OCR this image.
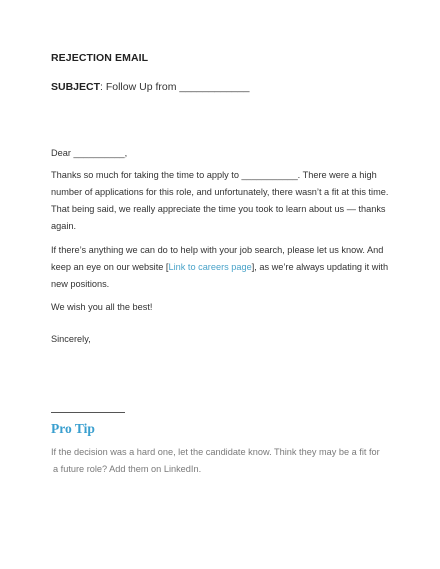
REJECTION EMAIL
SUBJECT: Follow Up from ____________
Dear __________,
Thanks so much for taking the time to apply to ___________. There were a high number of applications for this role, and unfortunately, there wasn’t a fit at this time. That being said, we really appreciate the time you took to learn about us — thanks again.
If there’s anything we can do to help with your job search, please let us know. And keep an eye on our website [Link to careers page], as we’re always updating it with new positions.
We wish you all the best!
Sincerely,
Pro Tip
If the decision was a hard one, let the candidate know. Think they may be a fit for
a future role? Add them on LinkedIn.
